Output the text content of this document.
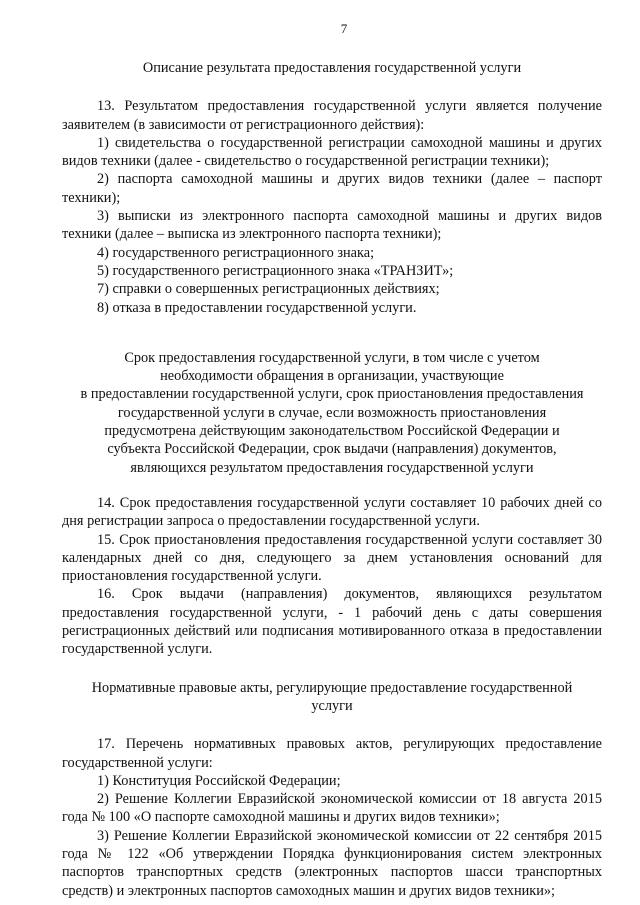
7

Описание результата предоставления государственной услуги

13. Результатом предоставления государственной услуги является получение заявителем (в зависимости от регистрационного действия):

1) свидетельства о государственной регистрации самоходной машины и других видов техники (далее - свидетельство о государственной регистрации техники);

2) паспорта самоходной машины и других видов техники (далее – паспорт техники);

3) выписки из электронного паспорта самоходной машины и других видов техники (далее – выписка из электронного паспорта техники);

4) государственного регистрационного знака;

5) государственного регистрационного знака «ТРАНЗИТ»;

7) справки о совершенных регистрационных действиях;

8) отказа в предоставлении государственной услуги.

Срок предоставления государственной услуги, в том числе с учетом
необходимости обращения в организации, участвующие
в предоставлении государственной услуги, срок приостановления предоставления
государственной услуги в случае, если возможность приостановления
предусмотрена действующим законодательством Российской Федерации и
субъекта Российской Федерации, срок выдачи (направления) документов,
являющихся результатом предоставления государственной услуги

14. Срок предоставления государственной услуги составляет 10 рабочих дней со дня регистрации запроса о предоставлении государственной услуги.

15. Срок приостановления предоставления государственной услуги составляет 30 календарных дней со дня, следующего за днем установления оснований для приостановления государственной услуги.

16. Срок выдачи (направления) документов, являющихся результатом предоставления государственной услуги, - 1 рабочий день с даты совершения регистрационных действий или подписания мотивированного отказа в предоставлении государственной услуги.

Нормативные правовые акты, регулирующие предоставление государственной
услуги

17. Перечень нормативных правовых актов, регулирующих предоставление государственной услуги:

1) Конституция Российской Федерации;

2) Решение Коллегии Евразийской экономической комиссии от 18 августа 2015 года № 100 «О паспорте самоходной машины и других видов техники»;

3) Решение Коллегии Евразийской экономической комиссии от 22 сентября 2015 года № 122 «Об утверждении Порядка функционирования систем электронных паспортов транспортных средств (электронных паспортов шасси транспортных средств) и электронных паспортов самоходных машин и других видов техники»;
